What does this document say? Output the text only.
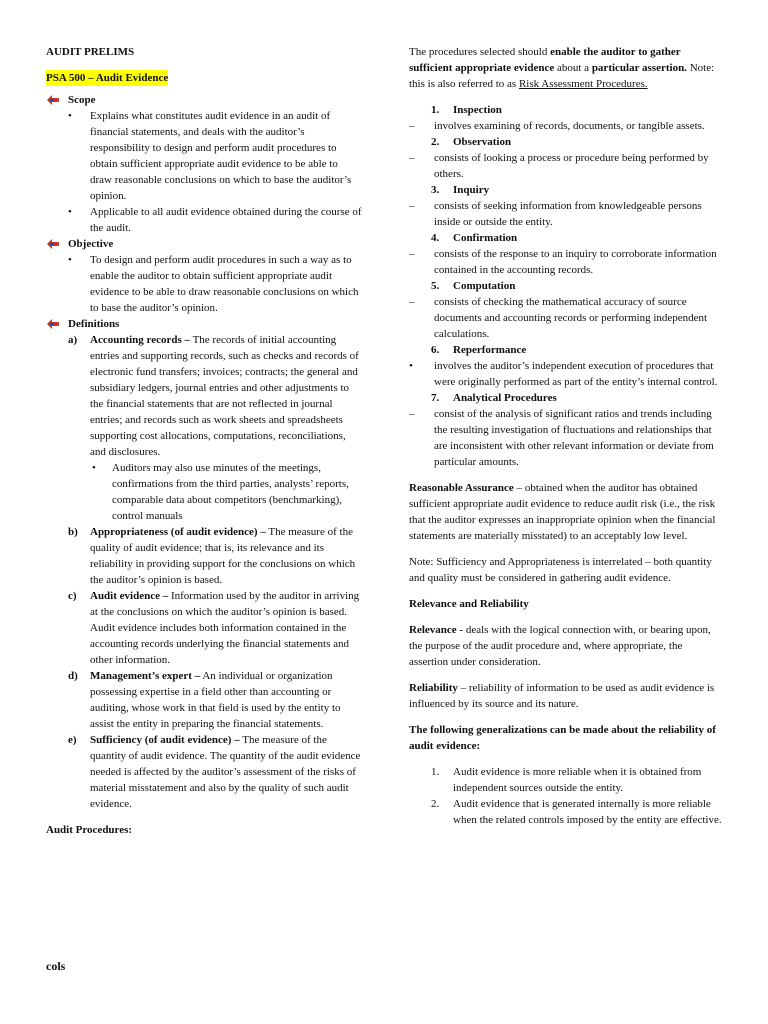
AUDIT PRELIMS
PSA 500 – Audit Evidence
Scope
• Explains what constitutes audit evidence in an audit of financial statements, and deals with the auditor’s responsibility to design and perform audit procedures to obtain sufficient appropriate audit evidence to be able to draw reasonable conclusions on which to base the auditor’s opinion.
• Applicable to all audit evidence obtained during the course of the audit.
Objective
• To design and perform audit procedures in such a way as to enable the auditor to obtain sufficient appropriate audit evidence to be able to draw reasonable conclusions on which to base the auditor’s opinion.
Definitions
a)	Accounting records – The records of initial accounting entries and supporting records, such as checks and records of electronic fund transfers; invoices; contracts; the general and subsidiary ledgers, journal entries and other adjustments to the financial statements that are not reflected in journal entries; and records such as work sheets and spreadsheets supporting cost allocations, computations, reconciliations, and disclosures.
• Auditors may also use minutes of the meetings, confirmations from the third parties, analysts’ reports, comparable data about competitors (benchmarking), control manuals
b)	Appropriateness (of audit evidence) – The measure of the quality of audit evidence; that is, its relevance and its reliability in providing support for the conclusions on which the auditor’s opinion is based.
c)	Audit evidence – Information used by the auditor in arriving at the conclusions on which the auditor’s opinion is based. Audit evidence includes both information contained in the accounting records underlying the financial statements and other information.
d)	Management’s expert – An individual or organization possessing expertise in a field other than accounting or auditing, whose work in that field is used by the entity to assist the entity in preparing the financial statements.
e)	Sufficiency (of audit evidence) – The measure of the quantity of audit evidence. The quantity of the audit evidence needed is affected by the auditor’s assessment of the risks of material misstatement and also by the quality of such audit evidence.
Audit Procedures:

The procedures selected should enable the auditor to gather sufficient appropriate evidence about a particular assertion. Note: this is also referred to as Risk Assessment Procedures.

1.	Inspection
–	involves examining of records, documents, or tangible assets.
2.	Observation
–	consists of looking a process or procedure being performed by others.
3.	Inquiry
–	consists of seeking information from knowledgeable persons inside or outside the entity.
4.	Confirmation
–	consists of the response to an inquiry to corroborate information contained in the accounting records.
5.	Computation
–	consists of checking the mathematical accuracy of source documents and accounting records or performing independent calculations.
6.	Reperformance
•	involves the auditor’s independent execution of procedures that were originally performed as part of the entity’s internal control.
7.	Analytical Procedures
–	consist of the analysis of significant ratios and trends including the resulting investigation of fluctuations and relationships that are inconsistent with other relevant information or deviate from particular amounts.

Reasonable Assurance – obtained when the auditor has obtained sufficient appropriate audit evidence to reduce audit risk (i.e., the risk that the auditor expresses an inappropriate opinion when the financial statements are materially misstated) to an acceptably low level.

Note: Sufficiency and Appropriateness is interrelated – both quantity and quality must be considered in gathering audit evidence.

Relevance and Reliability

Relevance - deals with the logical connection with, or bearing upon, the purpose of the audit procedure and, where appropriate, the assertion under consideration.

Reliability – reliability of information to be used as audit evidence is influenced by its source and its nature.

The following generalizations can be made about the reliability of audit evidence:

1.	Audit evidence is more reliable when it is obtained from independent sources outside the entity.
2.	Audit evidence that is generated internally is more reliable when the related controls imposed by the entity are effective.
cols ⃞
